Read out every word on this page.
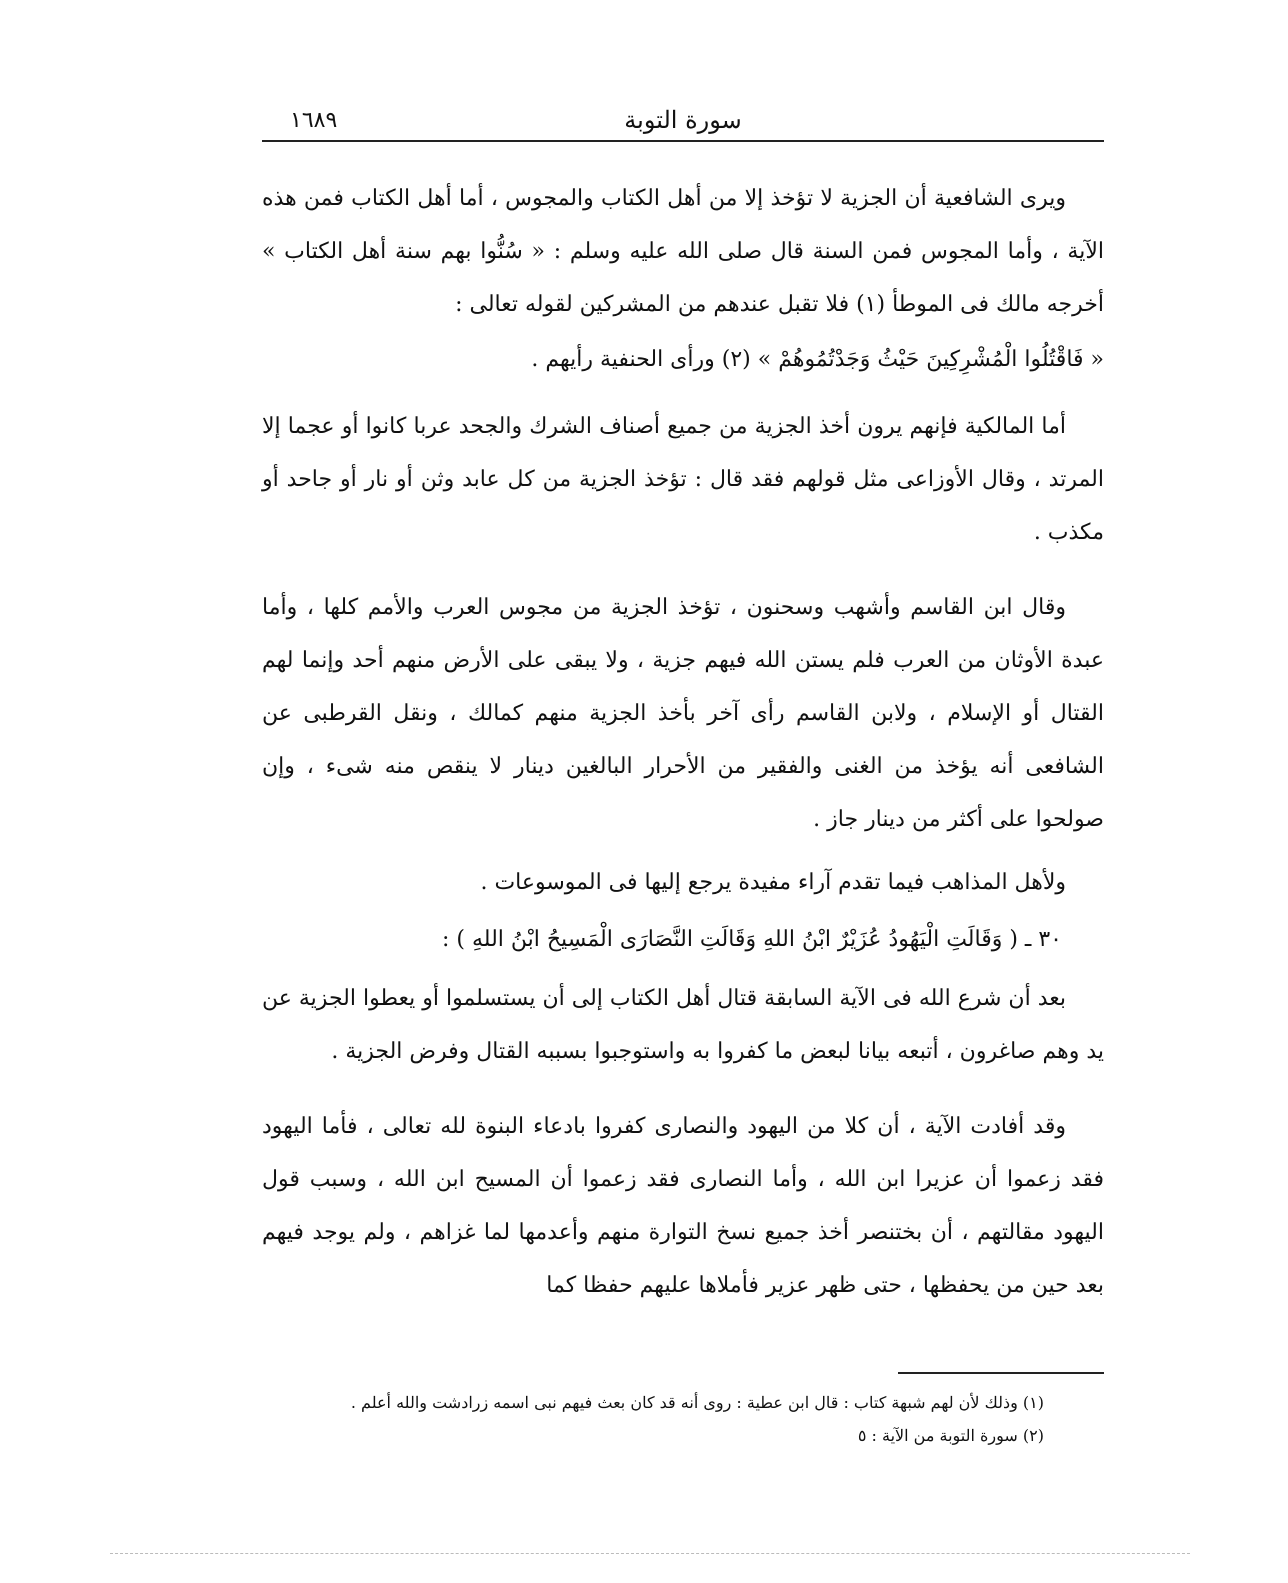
سورة التوبة
١٦٨٩

ويرى الشافعية أن الجزية لا تؤخذ إلا من أهل الكتاب والمجوس ، أما أهل الكتاب فمن هذه الآية ، وأما المجوس فمن السنة قال صلى الله عليه وسلم : « سُنُّوا بهم سنة أهل الكتاب » أخرجه مالك فى الموطأ (١) فلا تقبل عندهم من المشركين لقوله تعالى :

« فَاقْتُلُوا الْمُشْرِكِينَ حَيْثُ وَجَدْتُمُوهُمْ » (٢) ورأى الحنفية رأيهم .

أما المالكية فإنهم يرون أخذ الجزية من جميع أصناف الشرك والجحد عربا كانوا أو عجما إلا المرتد ، وقال الأوزاعى مثل قولهم فقد قال : تؤخذ الجزية من كل عابد وثن أو نار أو جاحد أو مكذب .

وقال ابن القاسم وأشهب وسحنون ، تؤخذ الجزية من مجوس العرب والأمم كلها ، وأما عبدة الأوثان من العرب فلم يستن الله فيهم جزية ، ولا يبقى على الأرض منهم أحد وإنما لهم القتال أو الإسلام ، ولابن القاسم رأى آخر بأخذ الجزية منهم كمالك ، ونقل القرطبى عن الشافعى أنه يؤخذ من الغنى والفقير من الأحرار البالغين دينار لا ينقص منه شىء ، وإن صولحوا على أكثر من دينار جاز .

ولأهل المذاهب فيما تقدم آراء مفيدة يرجع إليها فى الموسوعات .

٣٠ ـ ( وَقَالَتِ الْيَهُودُ عُزَيْرٌ ابْنُ اللهِ وَقَالَتِ النَّصَارَى الْمَسِيحُ ابْنُ اللهِ ) :

بعد أن شرع الله فى الآية السابقة قتال أهل الكتاب إلى أن يستسلموا أو يعطوا الجزية عن يد وهم صاغرون ، أتبعه بيانا لبعض ما كفروا به واستوجبوا بسببه القتال وفرض الجزية .

وقد أفادت الآية ، أن كلا من اليهود والنصارى كفروا بادعاء البنوة لله تعالى ، فأما اليهود فقد زعموا أن عزيرا ابن الله ، وأما النصارى فقد زعموا أن المسيح ابن الله ، وسبب قول اليهود مقالتهم ، أن بختنصر أخذ جميع نسخ التوارة منهم وأعدمها لما غزاهم ، ولم يوجد فيهم بعد حين من يحفظها ، حتى ظهر عزير فأملاها عليهم حفظا كما

(١) وذلك لأن لهم شبهة كتاب : قال ابن عطية : روى أنه قد كان بعث فيهم نبى اسمه زرادشت والله أعلم .

(٢) سورة التوبة من الآية : ٥
